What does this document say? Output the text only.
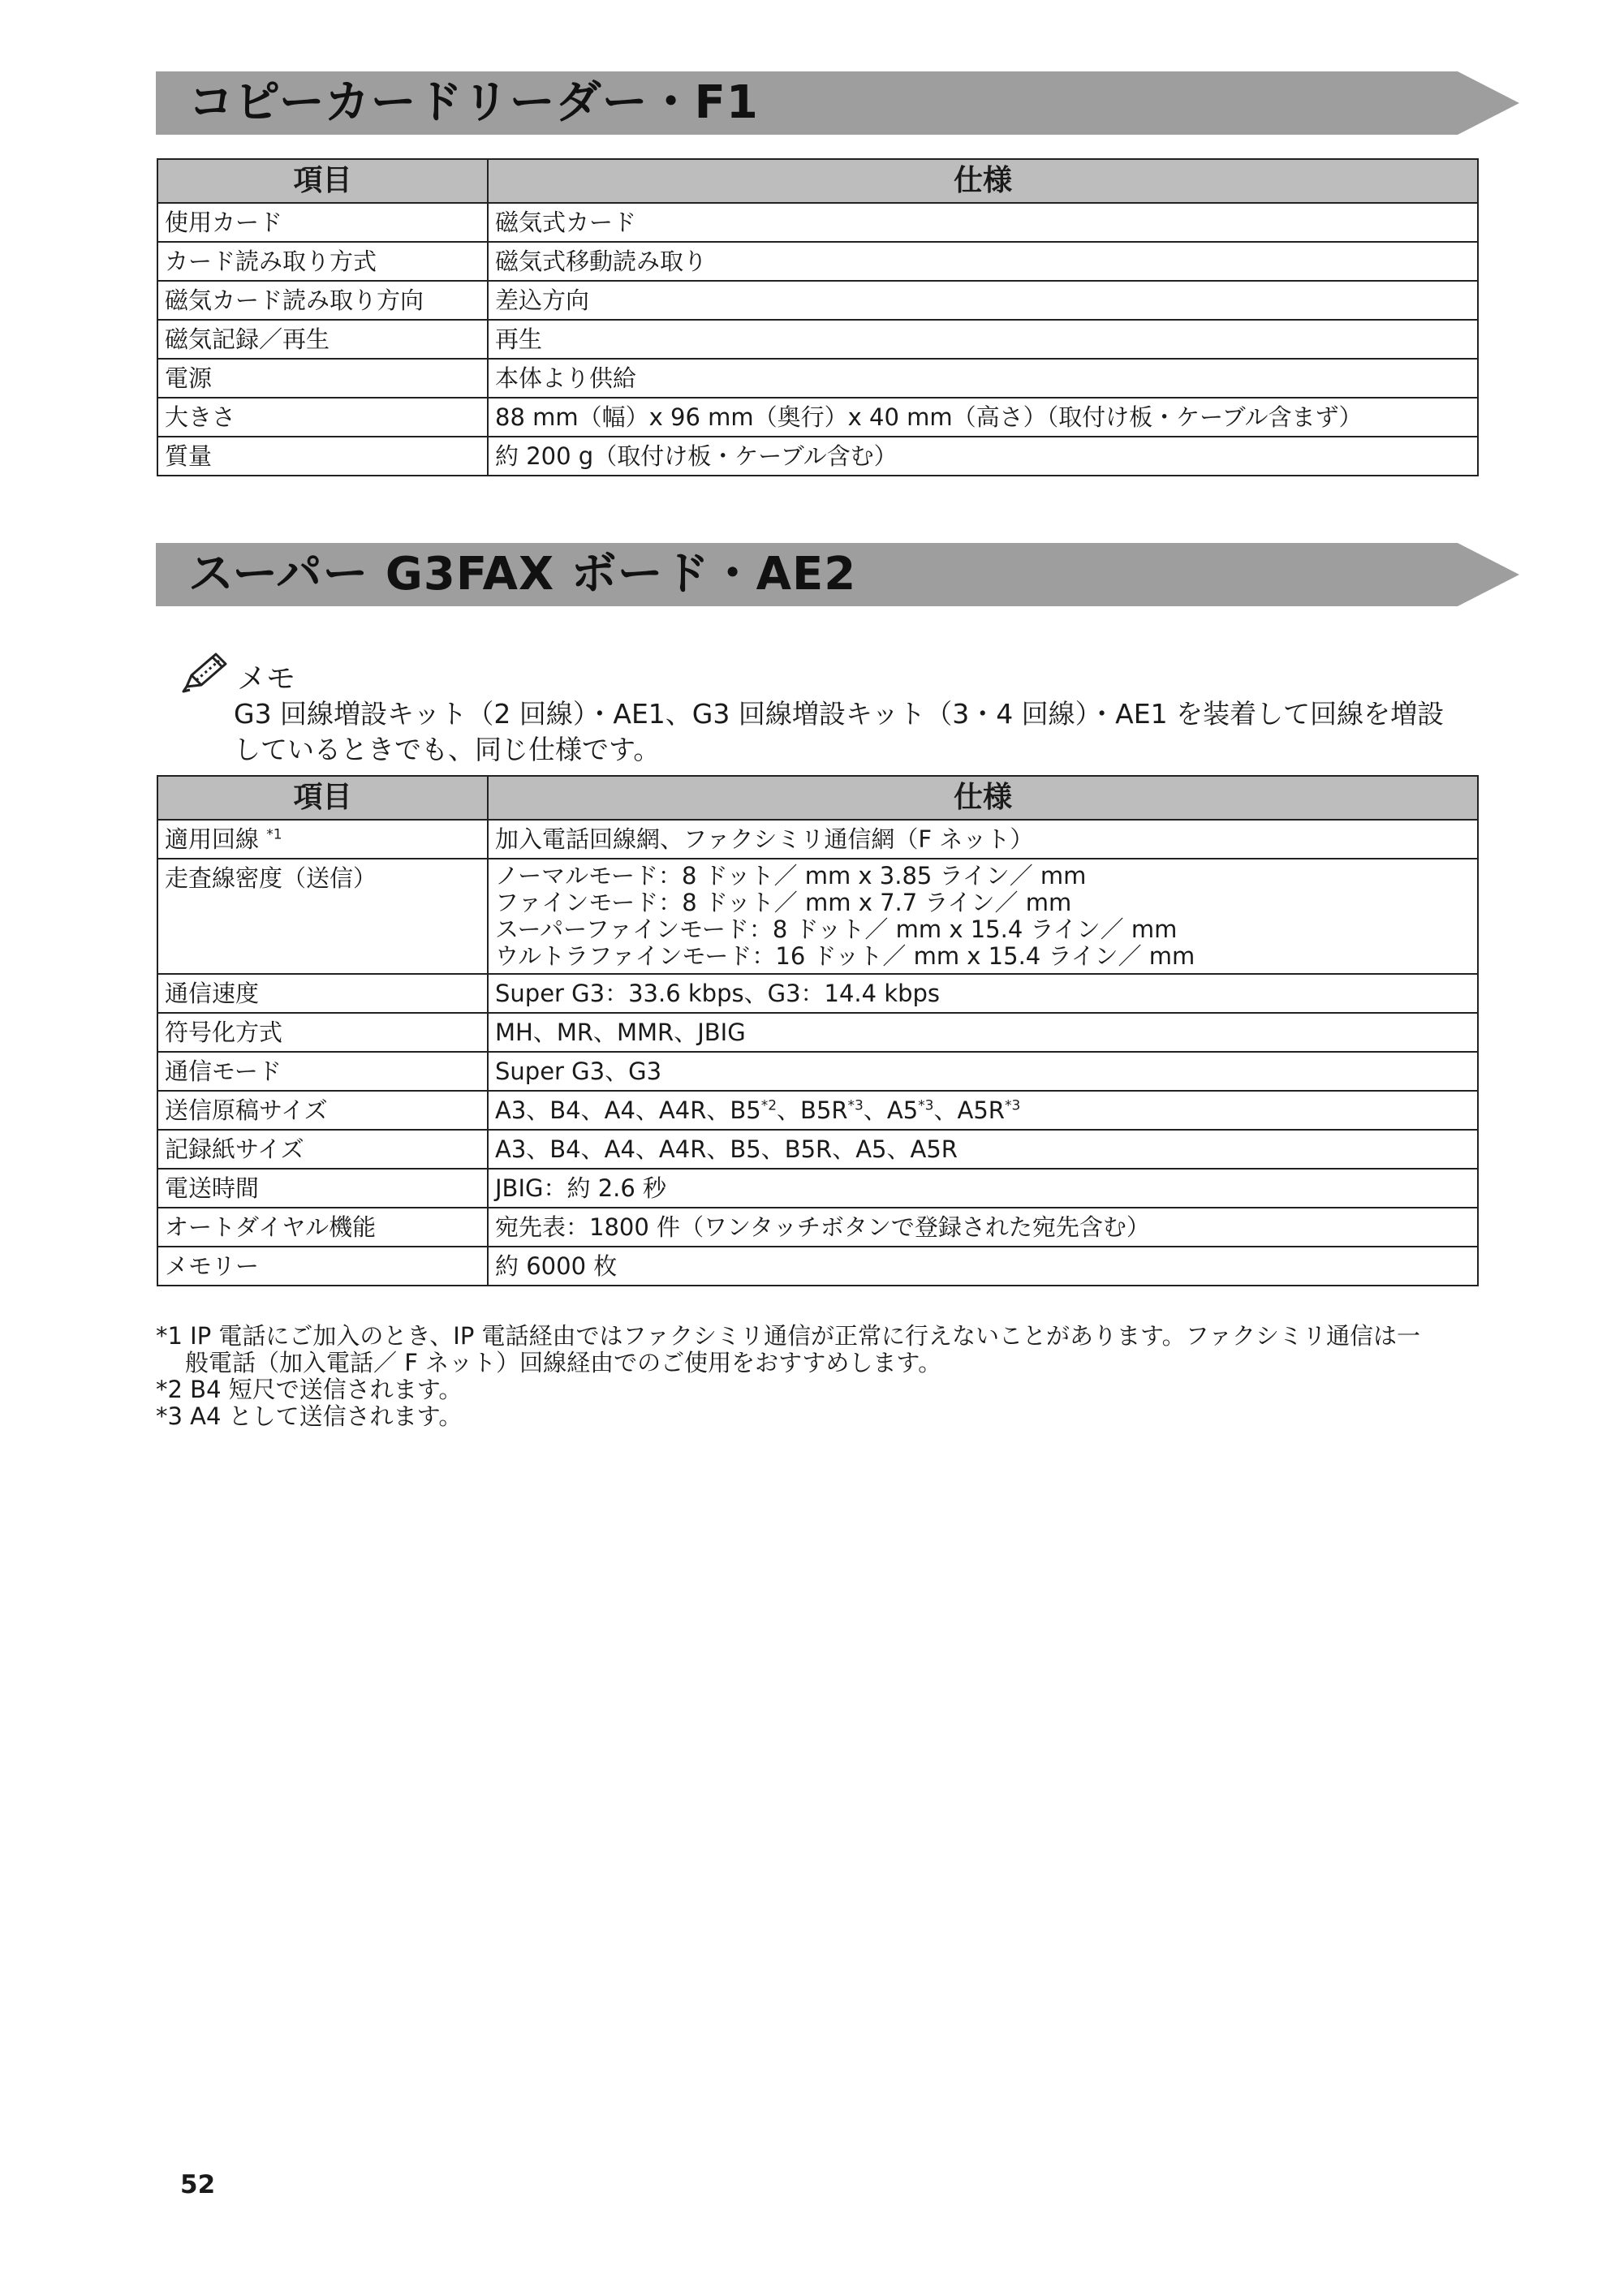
コピーカードリーダー・F1
項目	仕様
使用カード	磁気式カード
カード読み取り方式	磁気式移動読み取り
磁気カード読み取り方向	差込方向
磁気記録／再生	再生
電源	本体より供給
大きさ	88 mm（幅）x 96 mm（奥行）x 40 mm（高さ）（取付け板・ケーブル含まず）
質量	約 200 g（取付け板・ケーブル含む）
スーパー G3FAX ボード・AE2
メモ
G3 回線増設キット（2 回線）・AE1、G3 回線増設キット（3・4 回線）・AE1 を装着して回線を増設
しているときでも、同じ仕様です。
項目	仕様
適用回線 $^{*1}$	加入電話回線網、ファクシミリ通信網（F ネット）
走査線密度（送信）	ノーマルモード：8 ドット／ mm x 3.85 ライン／ mm
ファインモード：8 ドット／ mm x 7.7 ライン／ mm
スーパーファインモード：8 ドット／ mm x 15.4 ライン／ mm
ウルトラファインモード：16 ドット／ mm x 15.4 ライン／ mm

通信速度	Super G3：33.6 kbps、G3：14.4 kbps
符号化方式	MH、MR、MMR、JBIG
通信モード	Super G3、G3
送信原稿サイズ	A3、B4、A4、A4R、B5$^{*2}$、$B5R^{*3}$、A5$^{*3}$、$A5R^{*3}$
記録紙サイズ	A3、B4、A4、A4R、B5、B5R、A5、A5R
電送時間	JBIG：約 2.6 秒
オートダイヤル機能	宛先表：1800 件（ワンタッチボタンで登録された宛先含む）
メモリー	約 6000 枚
*1 IP 電話にご加入のとき、IP 電話経由ではファクシミリ通信が正常に行えないことがあります。ファクシミリ通信は一
般電話（加入電話／ F ネット）回線経由でのご使用をおすすめします。
*2 B4 短尺で送信されます。
*3 A4 として送信されます。
52
